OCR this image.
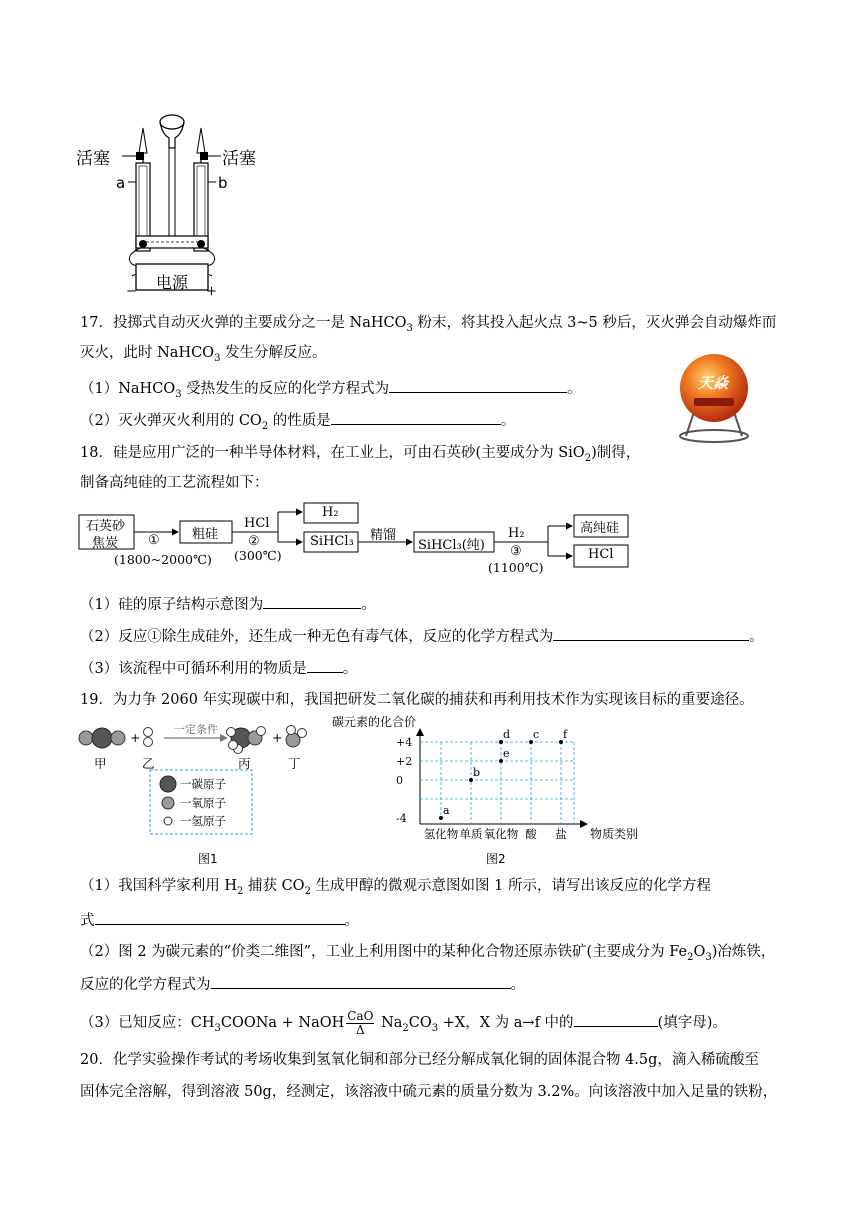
活塞	活塞
a	b
电源
−	+
17．投掷式自动灭火弹的主要成分之一是 NaHCO$_3$ 粉末，将其投入起火点 3~5 秒后，灭火弹会自动爆炸而
灭火，此时 NaHCO$_3$ 发生分解反应。
（1）NaHCO$_3$ 受热发生的反应的化学方程式为	。
（2）灭火弹灭火利用的 $CO_2$ 的性质是	。
天焱
18．硅是应用广泛的一种半导体材料，在工业上，可由石英砂(主要成分为 SiO$_2$)制得，
制备高纯硅的工艺流程如下：
石英砂
焦炭 ①
(1800~2000℃)
粗硅
HCl
②
(300℃)
H₂
SiHCl₃ 精馏
SiHCl₃(纯)
H₂
③
(1100℃)
高纯硅
HCl
（1）硅的原子结构示意图为	。
（2）反应①除生成硅外，还生成一种无色有毒气体，反应的化学方程式为	。
（3）该流程中可循环利用的物质是 。
19．为力争 2060 年实现碳中和，我国把研发二氧化碳的捕获和再利用技术作为实现该目标的重要途径。
+
一定条件
+
甲	乙	丙	丁
一碳原子
一氧原子
一氢原子
图1
碳元素的化合价
物质类别
+4
+2
0
-4
氢化物 单质 氧化物 酸 盐
a
b
d
e
c f
图2
（1）我国科学家利用 $H_2$ 捕获 $CO_2$ 生成甲醇的微观示意图如图 1 所示，请写出该反应的化学方程
式	。
（2）图 2 为碳元素的“价类二维图”，工业上利用图中的某种化合物还原赤铁矿(主要成分为 $Fe_2O_3$)冶炼铁，
反应的化学方程式为	。
（3）已知反应：$CH_3COONa$ + NaOH $\frac{\text{CaO}}{\Delta} Na_2CO_3 +X$，X 为 a→f 中的	(填字母)。
20．化学实验操作考试的考场收集到氢氧化铜和部分已经分解成氧化铜的固体混合物 4.5g，滴入稀硫酸至
固体完全溶解，得到溶液 50g，经测定，该溶液中硫元素的质量分数为 3.2%。向该溶液中加入足量的铁粉，
